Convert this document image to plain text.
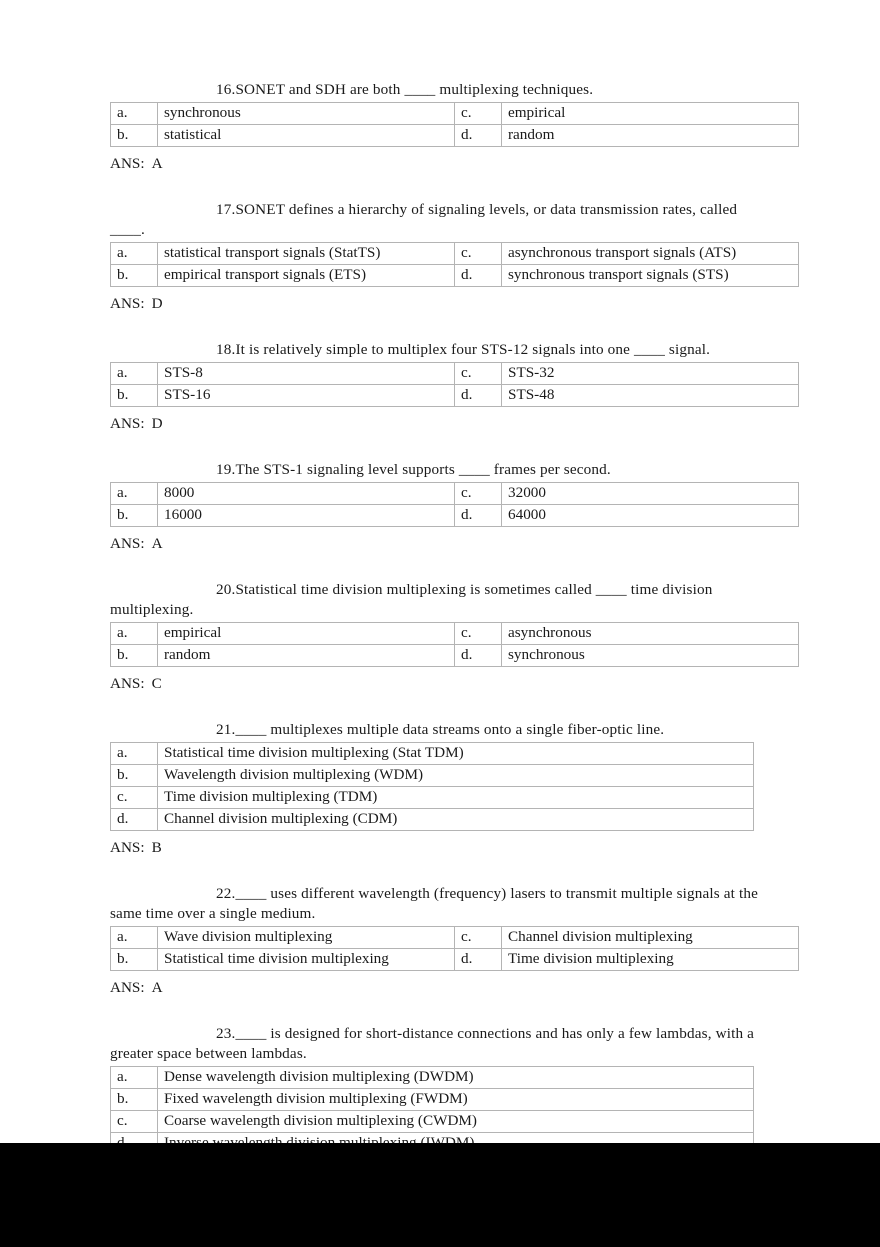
16.SONET and SDH are both ____ multiplexing techniques.

a.	synchronous	c.	empirical
b.	statistical	d.	random

ANS: A

17.SONET defines a hierarchy of signaling levels, or data transmission rates, called ____.

a.	statistical transport signals (StatTS)	c.	asynchronous transport signals (ATS)
b.	empirical transport signals (ETS)	d.	synchronous transport signals (STS)

ANS: D

18.It is relatively simple to multiplex four STS-12 signals into one ____ signal.

a.	STS-8	c.	STS-32
b.	STS-16	d.	STS-48

ANS: D

19.The STS-1 signaling level supports ____ frames per second.

a.	8000	c.	32000
b.	16000	d.	64000

ANS: A

20.Statistical time division multiplexing is sometimes called ____ time division multiplexing.

a.	empirical	c.	asynchronous
b.	random	d.	synchronous

ANS: C

21.____ multiplexes multiple data streams onto a single fiber-optic line.

a.	Statistical time division multiplexing (Stat TDM)
b.	Wavelength division multiplexing (WDM)
c.	Time division multiplexing (TDM)
d.	Channel division multiplexing (CDM)

ANS: B

22.____ uses different wavelength (frequency) lasers to transmit multiple signals at the same time over a single medium.

a.	Wave division multiplexing	c.	Channel division multiplexing
b.	Statistical time division multiplexing	d.	Time division multiplexing

ANS: A

23.____ is designed for short-distance connections and has only a few lambdas, with a greater space between lambdas.

a.	Dense wavelength division multiplexing (DWDM)
b.	Fixed wavelength division multiplexing (FWDM)
c.	Coarse wavelength division multiplexing (CWDM)
